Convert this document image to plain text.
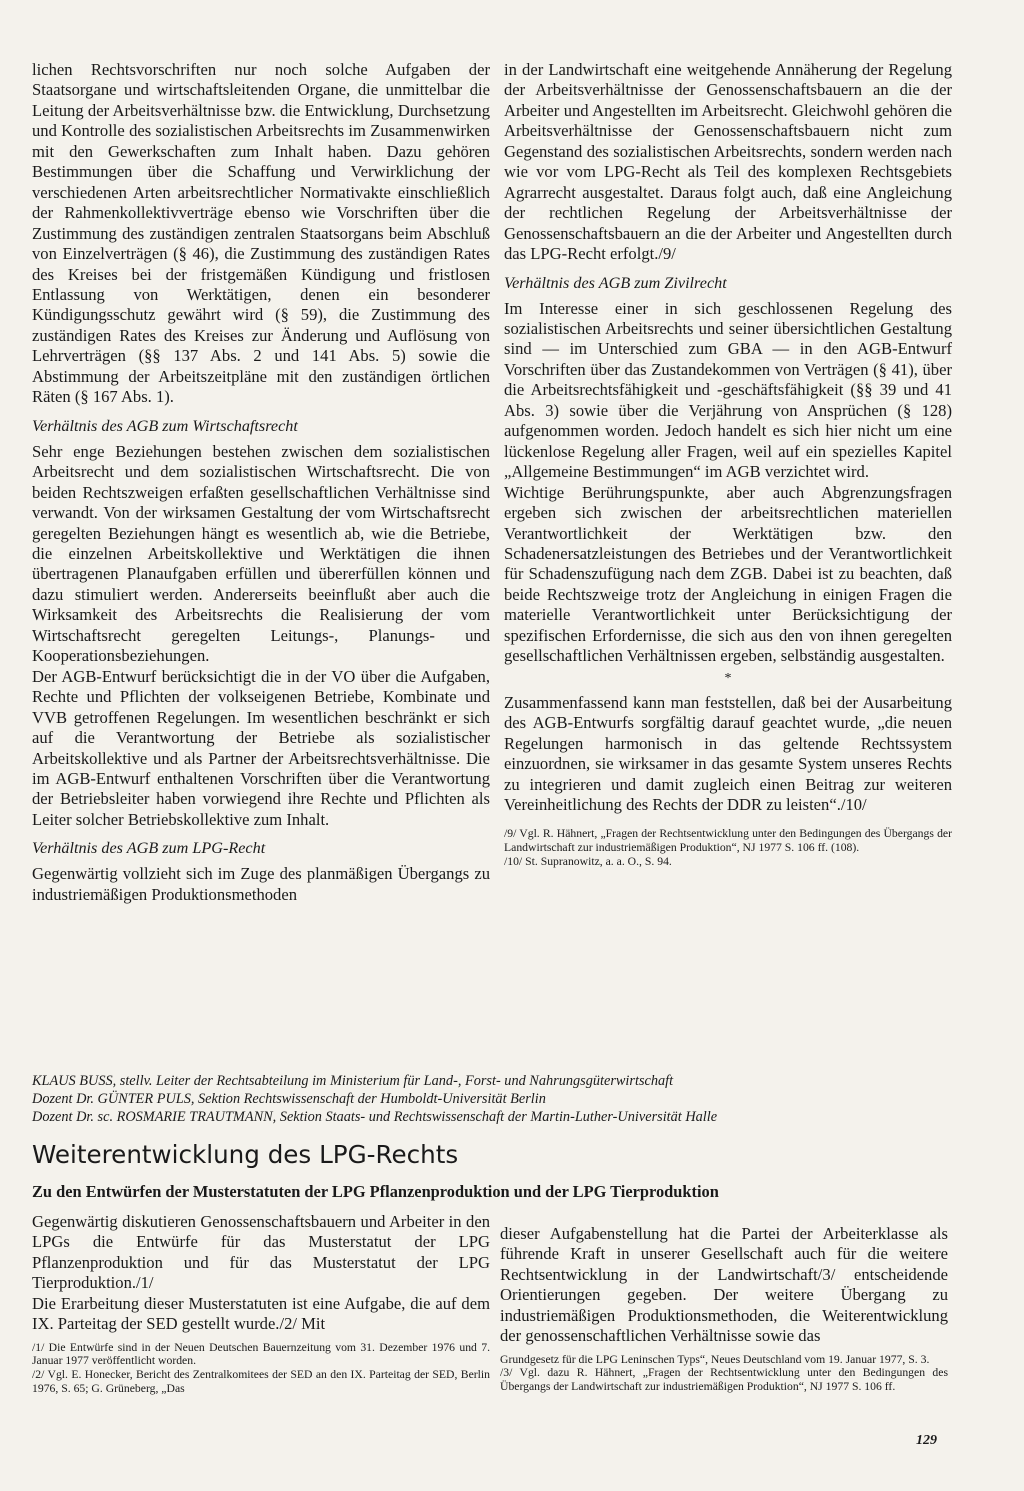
lichen Rechtsvorschriften nur noch solche Aufgaben der Staatsorgane und wirtschaftsleitenden Organe, die unmittelbar die Leitung der Arbeitsverhältnisse bzw. die Entwicklung, Durchsetzung und Kontrolle des sozialistischen Arbeitsrechts im Zusammenwirken mit den Gewerkschaften zum Inhalt haben. Dazu gehören Bestimmungen über die Schaffung und Verwirklichung der verschiedenen Arten arbeitsrechtlicher Normativakte einschließlich der Rahmenkollektivverträge ebenso wie Vorschriften über die Zustimmung des zuständigen zentralen Staatsorgans beim Abschluß von Einzelverträgen (§ 46), die Zustimmung des zuständigen Rates des Kreises bei der fristgemäßen Kündigung und fristlosen Entlassung von Werktätigen, denen ein besonderer Kündigungsschutz gewährt wird (§ 59), die Zustimmung des zuständigen Rates des Kreises zur Änderung und Auflösung von Lehrverträgen (§§ 137 Abs. 2 und 141 Abs. 5) sowie die Abstimmung der Arbeitszeitpläne mit den zuständigen örtlichen Räten (§ 167 Abs. 1).

Verhältnis des AGB zum Wirtschaftsrecht

Sehr enge Beziehungen bestehen zwischen dem sozialistischen Arbeitsrecht und dem sozialistischen Wirtschaftsrecht. Die von beiden Rechtszweigen erfaßten gesellschaftlichen Verhältnisse sind verwandt. Von der wirksamen Gestaltung der vom Wirtschaftsrecht geregelten Beziehungen hängt es wesentlich ab, wie die Betriebe, die einzelnen Arbeitskollektive und Werktätigen die ihnen übertragenen Planaufgaben erfüllen und übererfüllen können und dazu stimuliert werden. Andererseits beeinflußt aber auch die Wirksamkeit des Arbeitsrechts die Realisierung der vom Wirtschaftsrecht geregelten Leitungs-, Planungs- und Kooperationsbeziehungen.

Der AGB-Entwurf berücksichtigt die in der VO über die Aufgaben, Rechte und Pflichten der volkseigenen Betriebe, Kombinate und VVB getroffenen Regelungen. Im wesentlichen beschränkt er sich auf die Verantwortung der Betriebe als sozialistischer Arbeitskollektive und als Partner der Arbeitsrechtsverhältnisse. Die im AGB-Entwurf enthaltenen Vorschriften über die Verantwortung der Betriebsleiter haben vorwiegend ihre Rechte und Pflichten als Leiter solcher Betriebskollektive zum Inhalt.

Verhältnis des AGB zum LPG-Recht

Gegenwärtig vollzieht sich im Zuge des planmäßigen Übergangs zu industriemäßigen Produktionsmethoden

in der Landwirtschaft eine weitgehende Annäherung der Regelung der Arbeitsverhältnisse der Genossenschaftsbauern an die der Arbeiter und Angestellten im Arbeitsrecht. Gleichwohl gehören die Arbeitsverhältnisse der Genossenschaftsbauern nicht zum Gegenstand des sozialistischen Arbeitsrechts, sondern werden nach wie vor vom LPG-Recht als Teil des komplexen Rechtsgebiets Agrarrecht ausgestaltet. Daraus folgt auch, daß eine Angleichung der rechtlichen Regelung der Arbeitsverhältnisse der Genossenschaftsbauern an die der Arbeiter und Angestellten durch das LPG-Recht erfolgt./9/

Verhältnis des AGB zum Zivilrecht

Im Interesse einer in sich geschlossenen Regelung des sozialistischen Arbeitsrechts und seiner übersichtlichen Gestaltung sind — im Unterschied zum GBA — in den AGB-Entwurf Vorschriften über das Zustandekommen von Verträgen (§ 41), über die Arbeitsrechtsfähigkeit und -geschäftsfähigkeit (§§ 39 und 41 Abs. 3) sowie über die Verjährung von Ansprüchen (§ 128) aufgenommen worden. Jedoch handelt es sich hier nicht um eine lückenlose Regelung aller Fragen, weil auf ein spezielles Kapitel „Allgemeine Bestimmungen“ im AGB verzichtet wird.

Wichtige Berührungspunkte, aber auch Abgrenzungsfragen ergeben sich zwischen der arbeitsrechtlichen materiellen Verantwortlichkeit der Werktätigen bzw. den Schadenersatzleistungen des Betriebes und der Verantwortlichkeit für Schadenszufügung nach dem ZGB. Dabei ist zu beachten, daß beide Rechtszweige trotz der Angleichung in einigen Fragen die materielle Verantwortlichkeit unter Berücksichtigung der spezifischen Erfordernisse, die sich aus den von ihnen geregelten gesellschaftlichen Verhältnissen ergeben, selbständig ausgestalten.

*

Zusammenfassend kann man feststellen, daß bei der Ausarbeitung des AGB-Entwurfs sorgfältig darauf geachtet wurde, „die neuen Regelungen harmonisch in das geltende Rechtssystem einzuordnen, sie wirksamer in das gesamte System unseres Rechts zu integrieren und damit zugleich einen Beitrag zur weiteren Vereinheitlichung des Rechts der DDR zu leisten“./10/

/9/ Vgl. R. Hähnert, „Fragen der Rechtsentwicklung unter den Bedingungen des Übergangs der Landwirtschaft zur industriemäßigen Produktion“, NJ 1977 S. 106 ff. (108).

/10/ St. Supranowitz, a. a. O., S. 94.

KLAUS BUSS, stellv. Leiter der Rechtsabteilung im Ministerium für Land-, Forst- und Nahrungsgüterwirtschaft
Dozent Dr. GÜNTER PULS, Sektion Rechtswissenschaft der Humboldt-Universität Berlin
Dozent Dr. sc. ROSMARIE TRAUTMANN, Sektion Staats- und Rechtswissenschaft der Martin-Luther-Universität Halle
Weiterentwicklung des LPG-Rechts
Zu den Entwürfen der Musterstatuten der LPG Pflanzenproduktion und der LPG Tierproduktion

Gegenwärtig diskutieren Genossenschaftsbauern und Arbeiter in den LPGs die Entwürfe für das Musterstatut der LPG Pflanzenproduktion und für das Musterstatut der LPG Tierproduktion./1/

Die Erarbeitung dieser Musterstatuten ist eine Aufgabe, die auf dem IX. Parteitag der SED gestellt wurde./2/ Mit

/1/ Die Entwürfe sind in der Neuen Deutschen Bauernzeitung vom 31. Dezember 1976 und 7. Januar 1977 veröffentlicht worden.

/2/ Vgl. E. Honecker, Bericht des Zentralkomitees der SED an den IX. Parteitag der SED, Berlin 1976, S. 65; G. Grüneberg, „Das

dieser Aufgabenstellung hat die Partei der Arbeiterklasse als führende Kraft in unserer Gesellschaft auch für die weitere Rechtsentwicklung in der Landwirtschaft/3/ entscheidende Orientierungen gegeben. Der weitere Übergang zu industriemäßigen Produktionsmethoden, die Weiterentwicklung der genossenschaftlichen Verhältnisse sowie das

Grundgesetz für die LPG Leninschen Typs“, Neues Deutschland vom 19. Januar 1977, S. 3.

/3/ Vgl. dazu R. Hähnert, „Fragen der Rechtsentwicklung unter den Bedingungen des Übergangs der Landwirtschaft zur industriemäßigen Produktion“, NJ 1977 S. 106 ff.

129
